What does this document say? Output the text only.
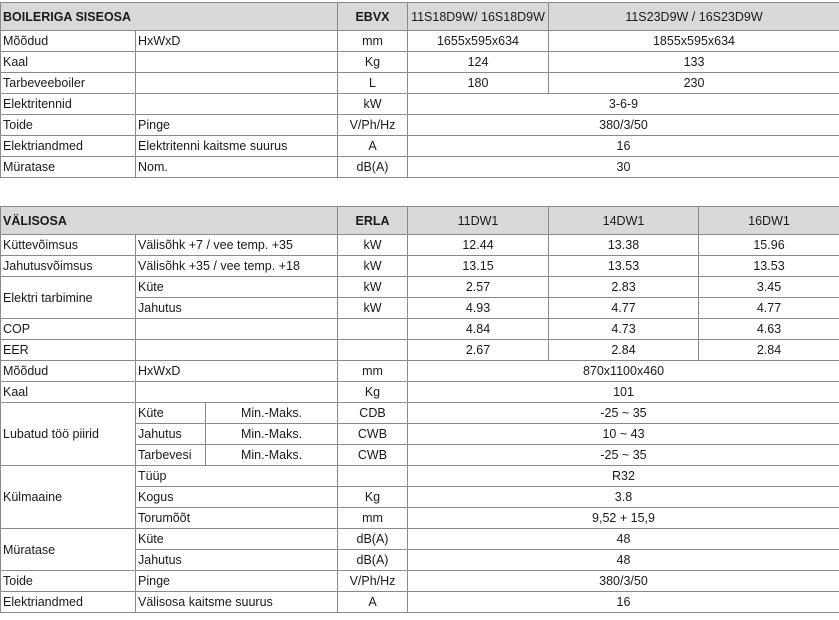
BOILERIGA SISEOSA		EBVX	11S18D9W/ 16S18D9W	11S23D9W / 16S23D9W
Mõõdud	HxWxD	mm	1655x595x634	1855x595x634
Kaal		Kg	124	133
Tarbeveeboiler		L	180	230
Elektritennid		kW	3-6-9	
Toide	Pinge	V/Ph/Hz	380/3/50	
Elektriandmed	Elektritenni kaitsme suurus	A	16	
Müratase	Nom.	dB(A)	30	
VÄLISOSA			ERLA	11DW1	14DW1	16DW1
Küttevõimsus	Välisõhk +7 / vee temp. +35		kW	12.44	13.38	15.96
Jahutusvõimsus	Välisõhk +35 / vee temp. +18		kW	13.15	13.53	13.53
Elektri tarbimine	Küte		kW	2.57	2.83	3.45
	Jahutus		kW	4.93	4.77	4.77
COP				4.84	4.73	4.63
EER				2.67	2.84	2.84
Mõõdud	HxWxD		mm	870x1100x460		
Kaal			Kg	101		
Lubatud töö piirid	Küte	Min.-Maks.	CDB	-25 ~ 35		
	Jahutus	Min.-Maks.	CWB	10 ~ 43		
	Tarbevesi	Min.-Maks.	CWB	-25 ~ 35		
Külmaaine	Tüüp			R32		
	Kogus		Kg	3.8		
	Torumõõt		mm	9,52 + 15,9		
Müratase	Küte		dB(A)	48		
	Jahutus		dB(A)	48		
Toide	Pinge		V/Ph/Hz	380/3/50		
Elektriandmed	Välisosa kaitsme suurus		A	16		
